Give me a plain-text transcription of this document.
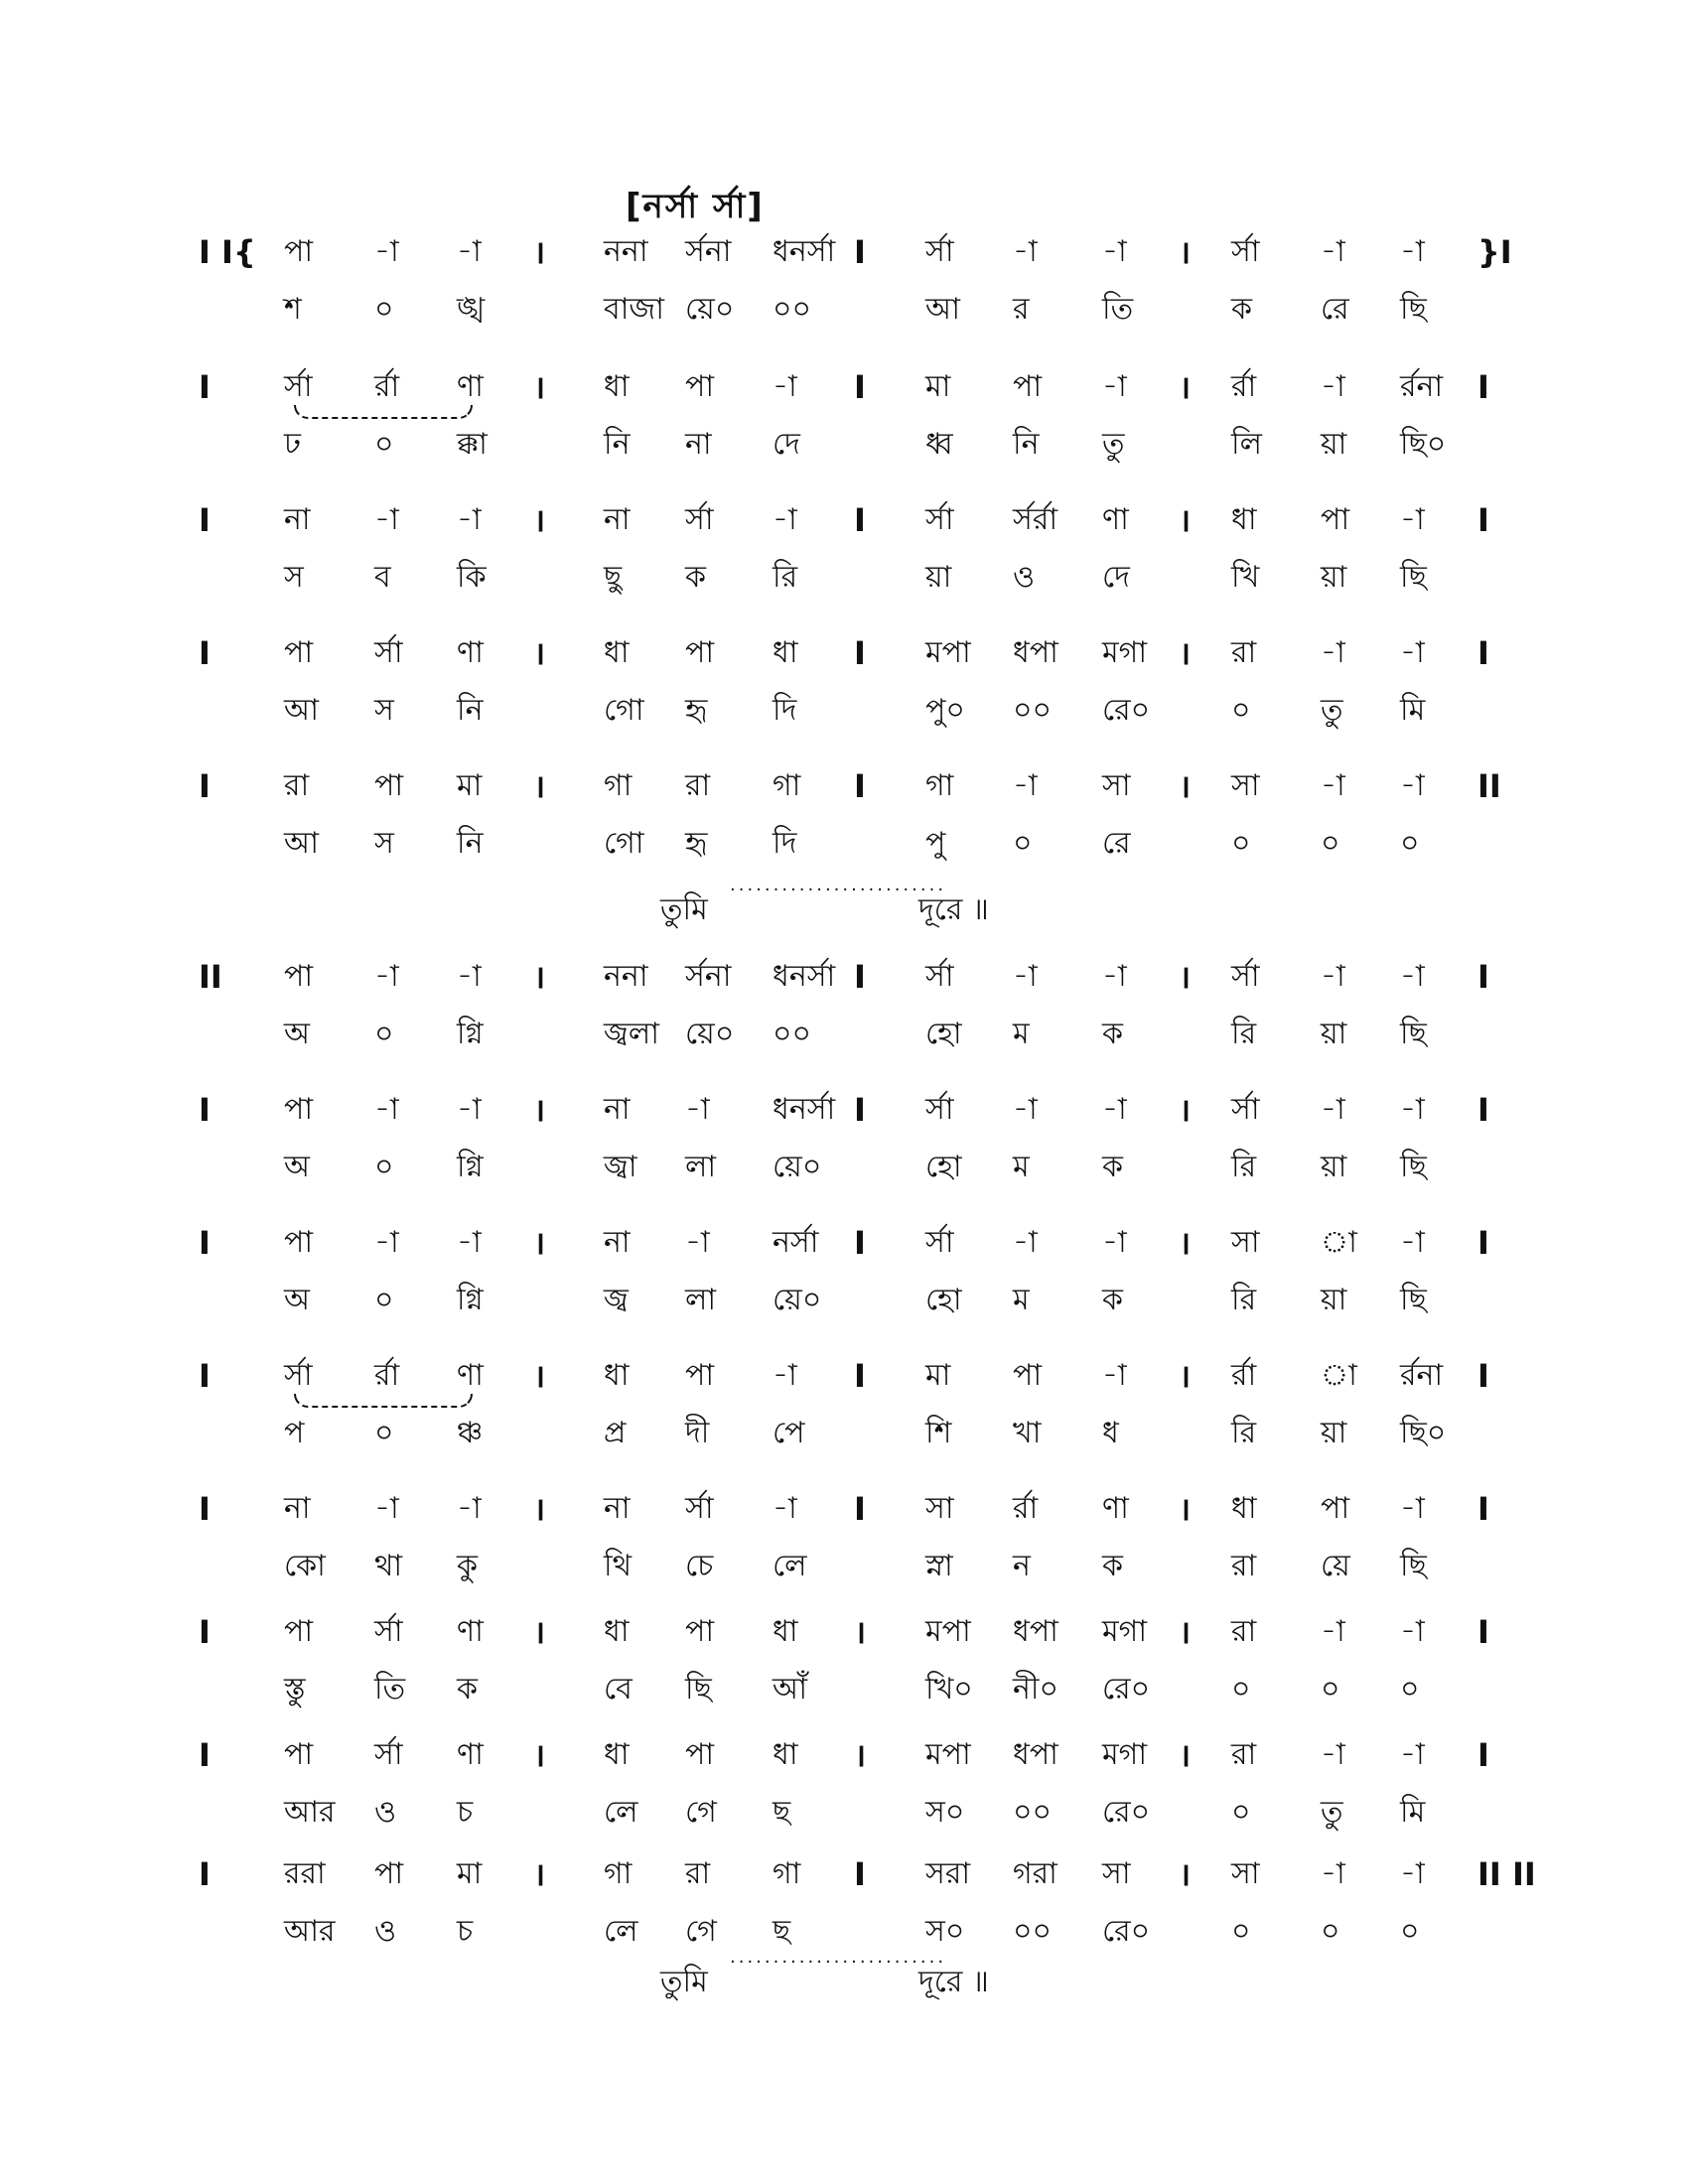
[নর্সা র্সা]
I I{ পা -া -া । ননা র্সনা ধনর্সা I র্সা -া -া । র্সা -া -া }I
শ ০ ঙ্খ	বাজা য়ে০ ০০	আ র তি	ক রে ছি
I র্সা র্রা ণা । ধা পা -া I মা পা -া । র্রা -া র্রনা I
ঢ ০ ক্কা	নি না দে	ধ্ব নি তু	লি য়া ছি০
I না -া -া । না র্সা -া I র্সা র্সর্রা ণা । ধা পা -া I
স ব কি	ছু ক রি	য়া ও দে	খি য়া ছি
I পা র্সা ণা । ধা পা ধা I মপা ধপা মগা । রা -া -া I
আ স নি	গো হৃ দি	পু০ ০০ রে০	০ তু মি
I রা পা মা । গা রা গা I গা -া সা । সা -া -া II
আ স নি	গো হৃ দি	পু ০ রে	০ ০ ০
II পা -া -া । ননা র্সনা ধনর্সা I র্সা -া -া । র্সা -া -া I
অ ০ গ্নি	জ্বলা য়ে০ ০০	হো ম ক	রি য়া ছি
I পা -া -া । না -া ধনর্সা I র্সা -া -া । র্সা -া -া I
অ ০ গ্নি	জ্বা লা য়ে০	হো ম ক	রি য়া ছি
I পা -া -া । না -া নর্সা I র্সা -া -া । সা া -া I
অ ০ গ্নি	জ্ব লা য়ে০	হো ম ক	রি য়া ছি
I র্সা র্রা ণা । ধা পা -া I মা পা -া । র্রা া র্রনা I
প ০ ঞ্চ	প্র দী পে	শি খা ধ	রি য়া ছি০
I না -া -া । না র্সা -া I সা র্রা ণা । ধা পা -া I
কো থা কু	থি চে লে	স্না ন ক	রা য়ে ছি
I পা র্সা ণা । ধা পা ধা । মপা ধপা মগা । রা -া -া I
স্তু তি ক	বে ছি আঁ	খি০ নী০ রে০	০ ০ ০
I পা র্সা ণা । ধা পা ধা । মপা ধপা মগা । রা -া -া I
আর ও চ	লে গে ছ	স০ ০০ রে০	০ তু মি
I ররা পা মা । গা রা গা I সরা গরা সা । সা -া -া II II
আর ও চ	লে গে ছ	স০ ০০ রে০	০ ০ ০
তুমি
·························
দূরে ॥
তুমি
·························
দূরে ॥
